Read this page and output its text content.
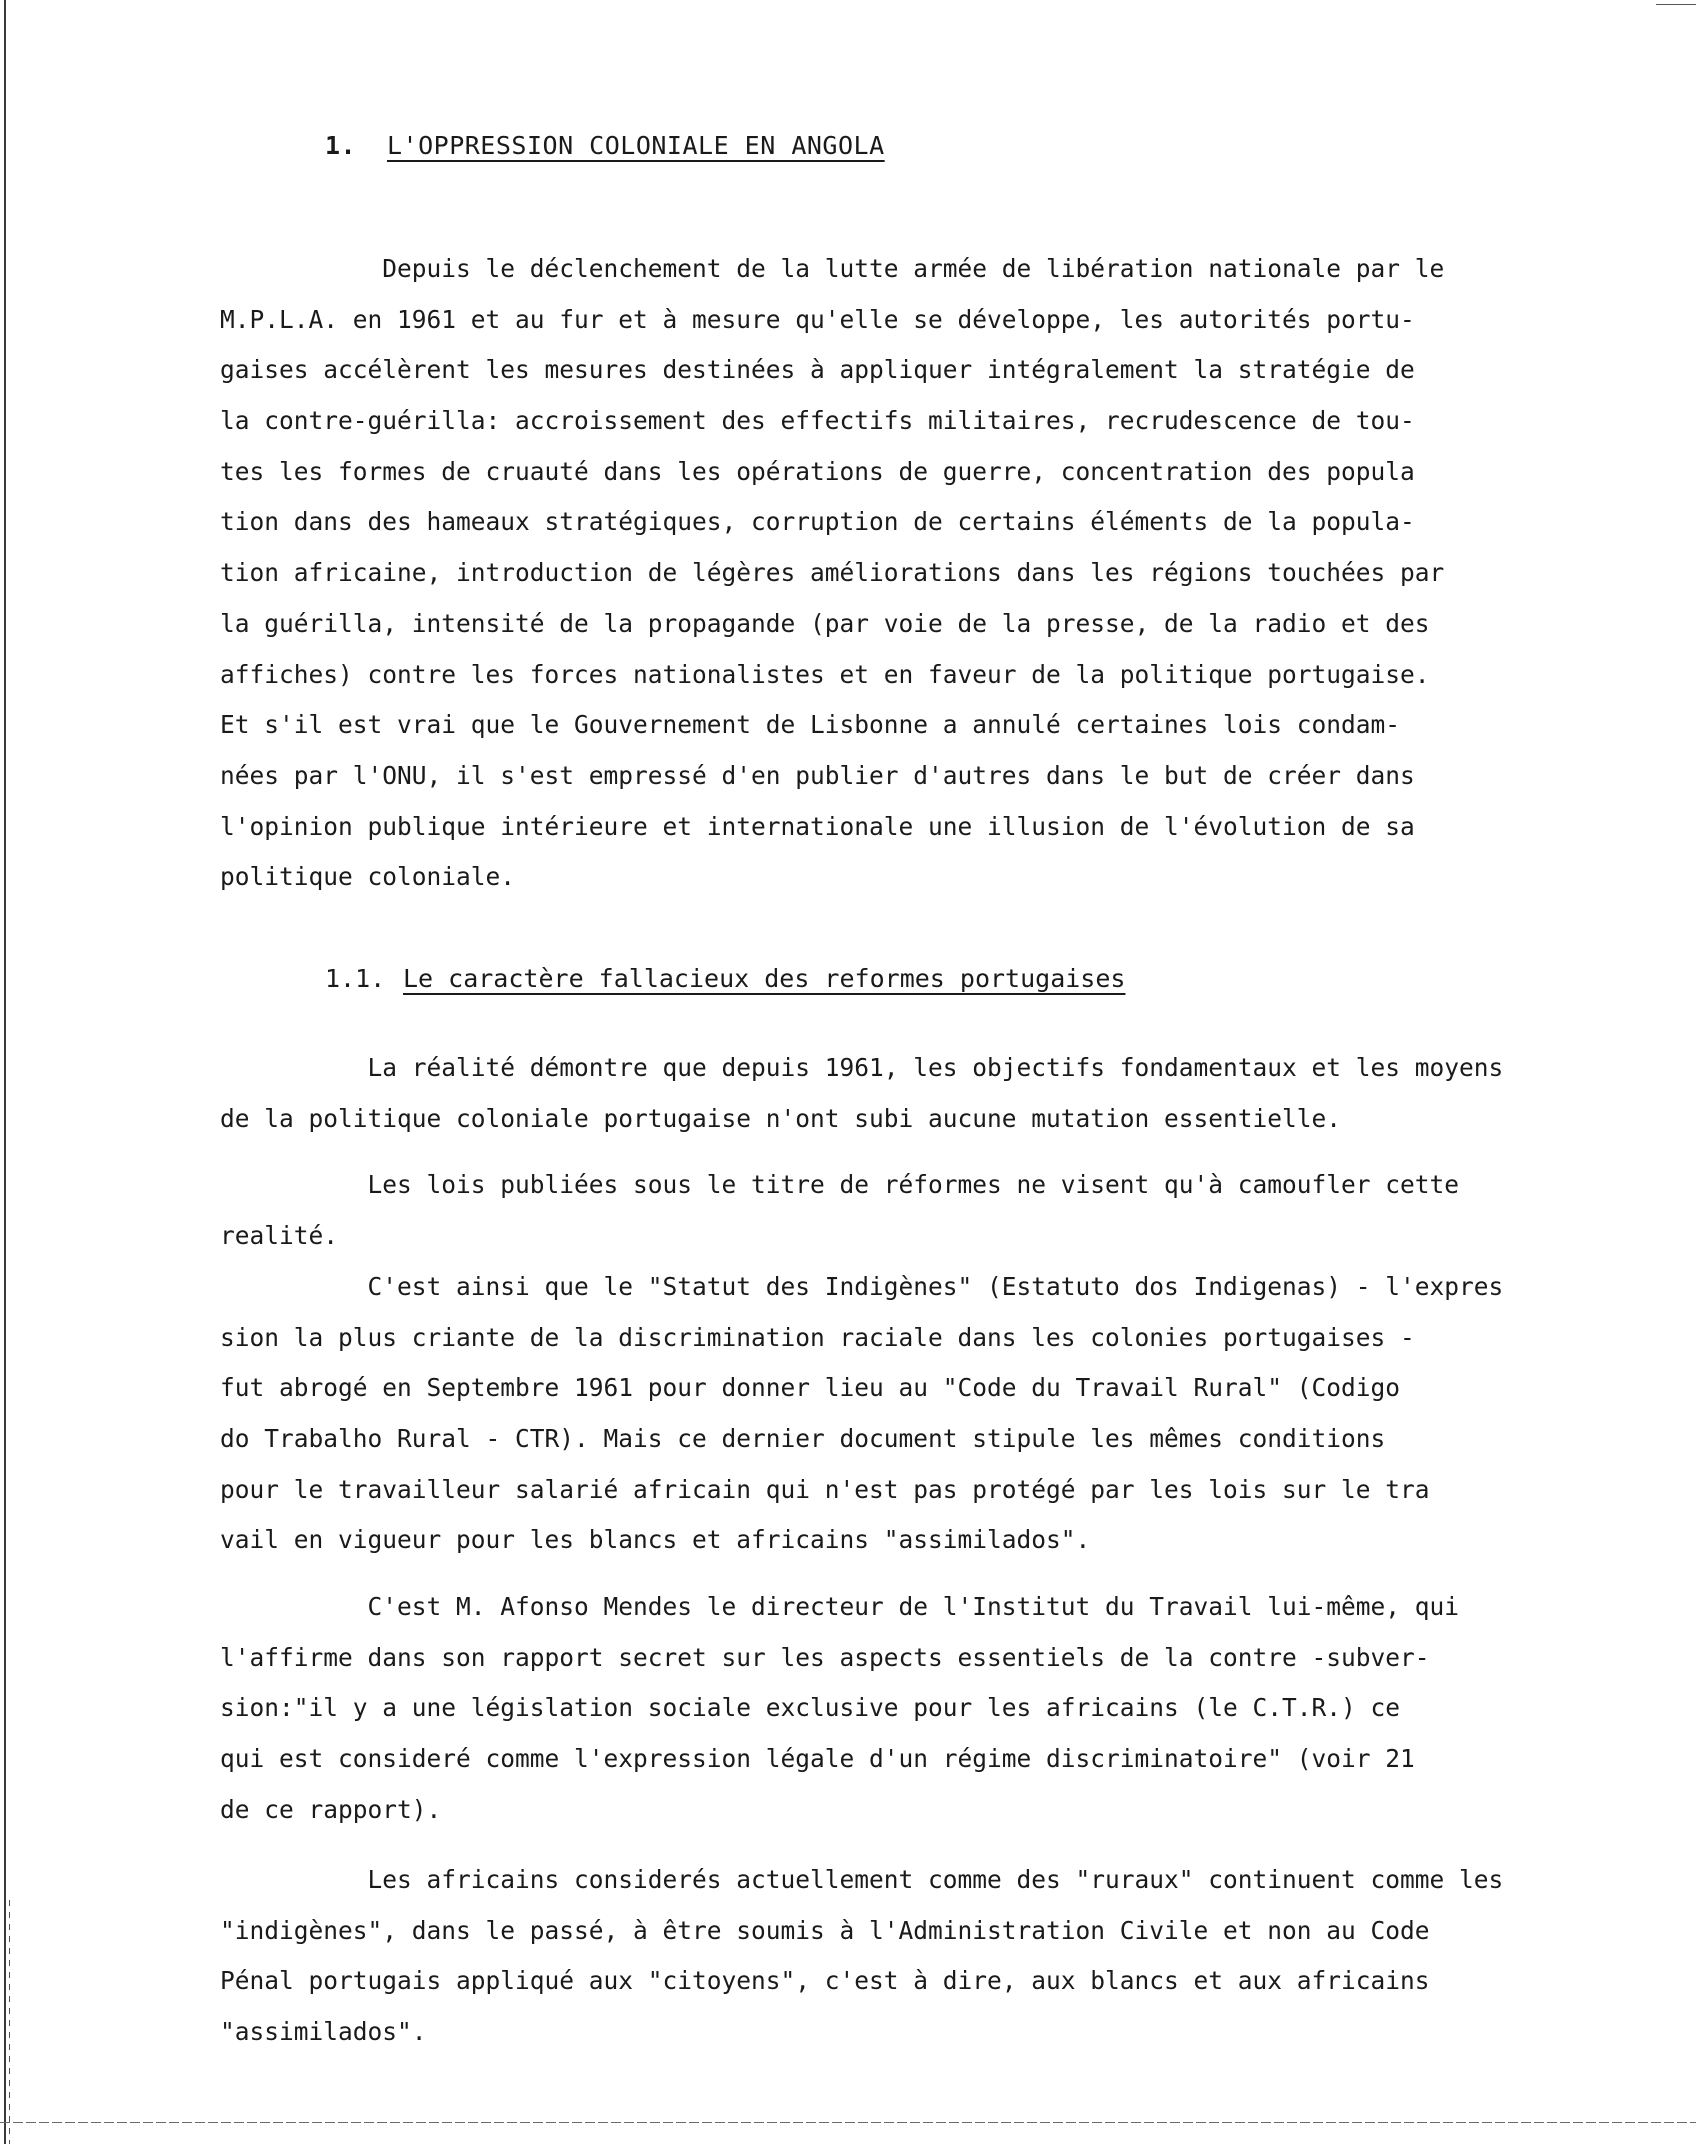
1. L'OPPRESSION COLONIALE EN ANGOLA
Depuis le déclenchement de la lutte armée de libération nationale par le
M.P.L.A. en 1961 et au fur et à mesure qu'elle se développe, les autorités portu-
gaises accélèrent les mesures destinées à appliquer intégralement la stratégie de
la contre-guérilla: accroissement des effectifs militaires, recrudescence de tou-
tes les formes de cruauté dans les opérations de guerre, concentration des popula
tion dans des hameaux stratégiques, corruption de certains éléments de la popula-
tion africaine, introduction de légères améliorations dans les régions touchées par
la guérilla, intensité de la propagande (par voie de la presse, de la radio et des
affiches) contre les forces nationalistes et en faveur de la politique portugaise.
Et s'il est vrai que le Gouvernement de Lisbonne a annulé certaines lois condam-
nées par l'ONU, il s'est empressé d'en publier d'autres dans le but de créer dans
l'opinion publique intérieure et internationale une illusion de l'évolution de sa
politique coloniale.
1.1. Le caractère fallacieux des reformes portugaises
La réalité démontre que depuis 1961, les objectifs fondamentaux et les moyens
de la politique coloniale portugaise n'ont subi aucune mutation essentielle.
Les lois publiées sous le titre de réformes ne visent qu'à camoufler cette
realité.
C'est ainsi que le "Statut des Indigènes" (Estatuto dos Indigenas) - l'expres
sion la plus criante de la discrimination raciale dans les colonies portugaises -
fut abrogé en Septembre 1961 pour donner lieu au "Code du Travail Rural" (Codigo
do Trabalho Rural - CTR). Mais ce dernier document stipule les mêmes conditions
pour le travailleur salarié africain qui n'est pas protégé par les lois sur le tra
vail en vigueur pour les blancs et africains "assimilados".
C'est M. Afonso Mendes le directeur de l'Institut du Travail lui-même, qui
l'affirme dans son rapport secret sur les aspects essentiels de la contre -subver-
sion:"il y a une législation sociale exclusive pour les africains (le C.T.R.) ce
qui est consideré comme l'expression légale d'un régime discriminatoire" (voir 21
de ce rapport).
Les africains considerés actuellement comme des "ruraux" continuent comme les
"indigènes", dans le passé, à être soumis à l'Administration Civile et non au Code
Pénal portugais appliqué aux "citoyens", c'est à dire, aux blancs et aux africains
"assimilados".
